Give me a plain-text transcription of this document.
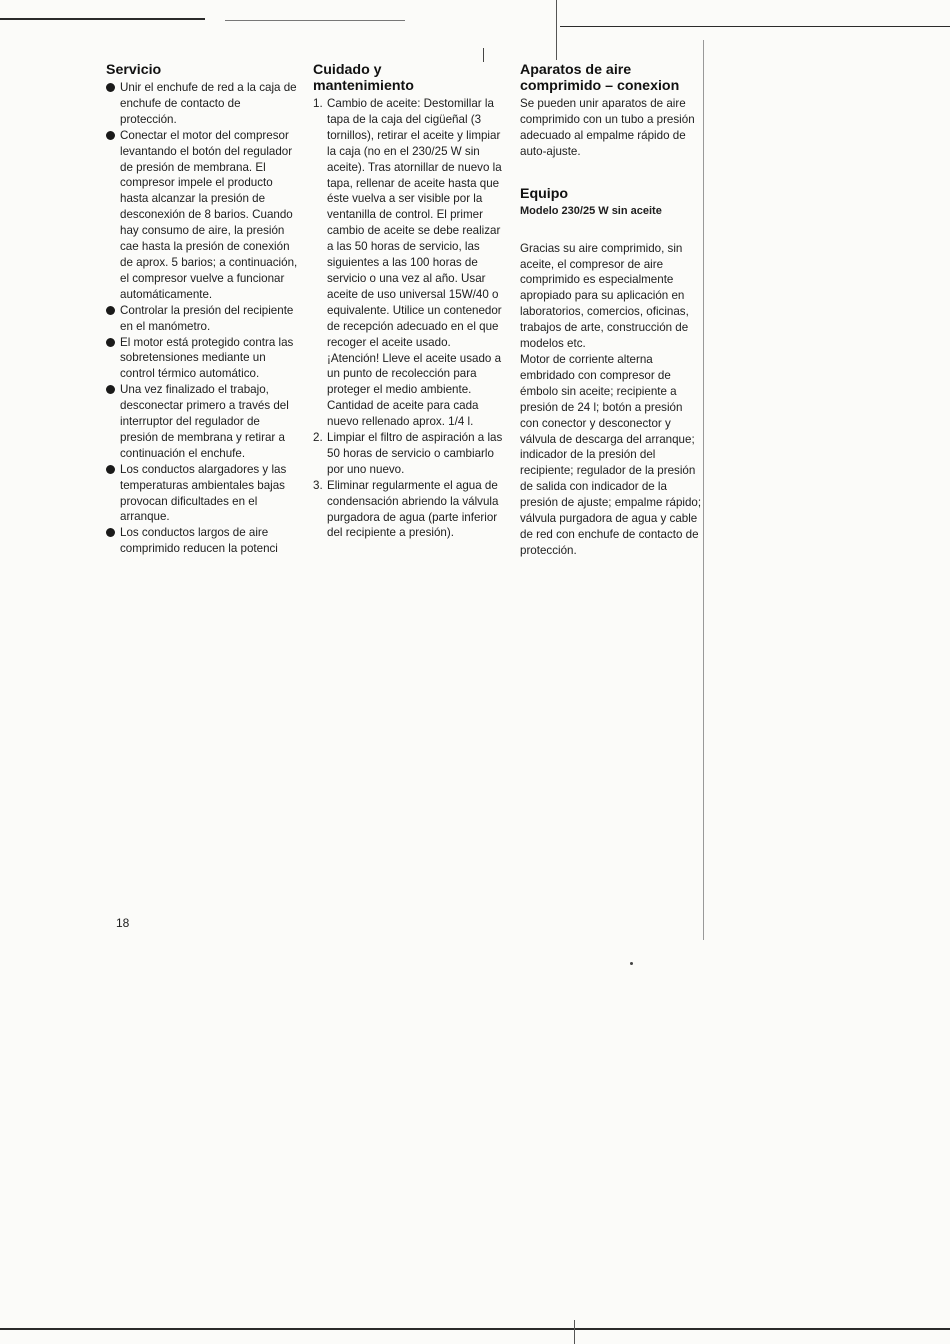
Servicio
Unir el enchufe de red a la caja de enchufe de contacto de protección.
Conectar el motor del compresor levantando el botón del regulador de presión de membrana. El compresor impele el producto hasta alcanzar la presión de desconexión de 8 barios. Cuando hay consumo de aire, la presión cae hasta la presión de conexión de aprox. 5 barios; a continuación, el compresor vuelve a funcionar automáticamente.
Controlar la presión del recipiente en el manómetro.
El motor está protegido contra las sobretensiones mediante un control térmico automático.
Una vez finalizado el trabajo, desconectar primero a través del interruptor del regulador de presión de membrana y retirar a continuación el enchufe.
Los conductos alargadores y las temperaturas ambientales bajas provocan dificultades en el arranque.
Los conductos largos de aire comprimido reducen la potenci
Cuidado y mantenimiento
1. Cambio de aceite: Destomillar la tapa de la caja del cigüeñal (3 tornillos), retirar el aceite y limpiar la caja (no en el 230/25 W sin aceite). Tras atornillar de nuevo la tapa, rellenar de aceite hasta que éste vuelva a ser visible por la ventanilla de control. El primer cambio de aceite se debe realizar a las 50 horas de servicio, las siguientes a las 100 horas de servicio o una vez al año. Usar aceite de uso universal 15W/40 o equivalente. Utilice un contenedor de recepción adecuado en el que recoger el aceite usado. ¡Atención! Lleve el aceite usado a un punto de recolección para proteger el medio ambiente. Cantidad de aceite para cada nuevo rellenado aprox. 1/4 l.
2. Limpiar el filtro de aspiración a las 50 horas de servicio o cambiarlo por uno nuevo.
3. Eliminar regularmente el agua de condensación abriendo la válvula purgadora de agua (parte inferior del recipiente a presión).
Aparatos de aire comprimido – conexion

Se pueden unir aparatos de aire comprimido con un tubo a presión adecuado al empalme rápido de auto-ajuste.

Equipo
Modelo 230/25 W sin aceite

Gracias su aire comprimido, sin aceite, el compresor de aire comprimido es especialmente apropiado para su aplicación en laboratorios, comercios, oficinas, trabajos de arte, construcción de modelos etc.

Motor de corriente alterna embridado con compresor de émbolo sin aceite; recipiente a presión de 24 l; botón a presión con conector y desconector y válvula de descarga del arranque; indicador de la presión del recipiente; regulador de la presión de salida con indicador de la presión de ajuste; empalme rápido; válvula purgadora de agua y cable de red con enchufe de contacto de protección.

18
